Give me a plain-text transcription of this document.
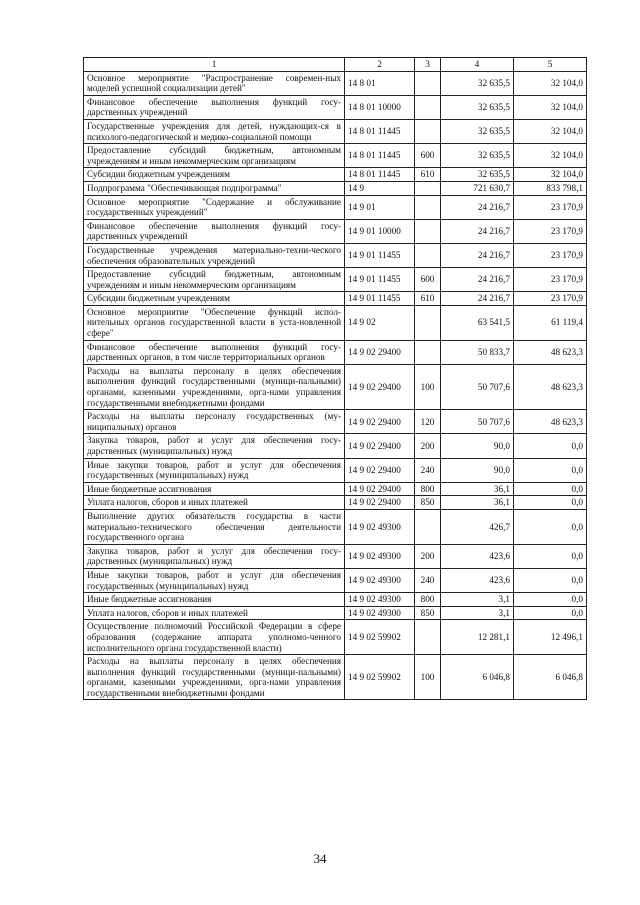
1	2	3	4	5
Основное мероприятие "Распространение современ-ных моделей успешной социализации детей"	14 8 01		32 635,5	32 104,0
Финансовое обеспечение выполнения функций госу-дарственных учреждений	14 8 01 10000		32 635,5	32 104,0
Государственные учреждения для детей, нуждающих-ся в психолого-педагогической и медико-социальной помощи	14 8 01 11445		32 635,5	32 104,0
Предоставление субсидий бюджетным, автономным учреждениям и иным некоммерческим организациям	14 8 01 11445	600	32 635,5	32 104,0
Субсидии бюджетным учреждениям	14 8 01 11445	610	32 635,5	32 104,0
Подпрограмма "Обеспечивающая подпрограмма"	14 9		721 630,7	833 798,1
Основное мероприятие "Содержание и обслуживание государственных учреждений"	14 9 01		24 216,7	23 170,9
Финансовое обеспечение выполнения функций госу-дарственных учреждений	14 9 01 10000		24 216,7	23 170,9
Государственные учреждения материально-техни-ческого обеспечения образовательных учреждений	14 9 01 11455		24 216,7	23 170,9
Предоставление субсидий бюджетным, автономным учреждениям и иным некоммерческим организациям	14 9 01 11455	600	24 216,7	23 170,9
Субсидии бюджетным учреждениям	14 9 01 11455	610	24 216,7	23 170,9
Основное мероприятие "Обеспечение функций испол-нительных органов государственной власти в уста-новленной сфере"	14 9 02		63 541,5	61 119,4
Финансовое обеспечение выполнения функций госу-дарственных органов, в том числе территориальных органов	14 9 02 29400		50 833,7	48 623,3
Расходы на выплаты персоналу в целях обеспечения выполнения функций государственными (муници-пальными) органами, казенными учреждениями, орга-нами управления государственными внебюджетными фондами	14 9 02 29400	100	50 707,6	48 623,3
Расходы на выплаты персоналу государственных (му-ниципальных) органов	14 9 02 29400	120	50 707,6	48 623,3
Закупка товаров, работ и услуг для обеспечения госу-дарственных (муниципальных) нужд	14 9 02 29400	200	90,0	0,0
Иные закупки товаров, работ и услуг для обеспечения государственных (муниципальных) нужд	14 9 02 29400	240	90,0	0,0
Иные бюджетные ассигнования	14 9 02 29400	800	36,1	0,0
Уплата налогов, сборов и иных платежей	14 9 02 29400	850	36,1	0,0
Выполнение других обязательств государства в части материально-технического обеспечения деятельности государственного органа	14 9 02 49300		426,7	0,0
Закупка товаров, работ и услуг для обеспечения госу-дарственных (муниципальных) нужд	14 9 02 49300	200	423,6	0,0
Иные закупки товаров, работ и услуг для обеспечения государственных (муниципальных) нужд	14 9 02 49300	240	423,6	0,0
Иные бюджетные ассигнования	14 9 02 49300	800	3,1	0,0
Уплата налогов, сборов и иных платежей	14 9 02 49300	850	3,1	0,0
Осуществление полномочий Российской Федерации в сфере образования (содержание аппарата уполномо-ченного исполнительного органа государственной власти)	14 9 02 59902		12 281,1	12 496,1
Расходы на выплаты персоналу в целях обеспечения выполнения функций государственными (муници-пальными) органами, казенными учреждениями, орга-нами управления государственными внебюджетными фондами	14 9 02 59902	100	6 046,8	6 046,8
34
